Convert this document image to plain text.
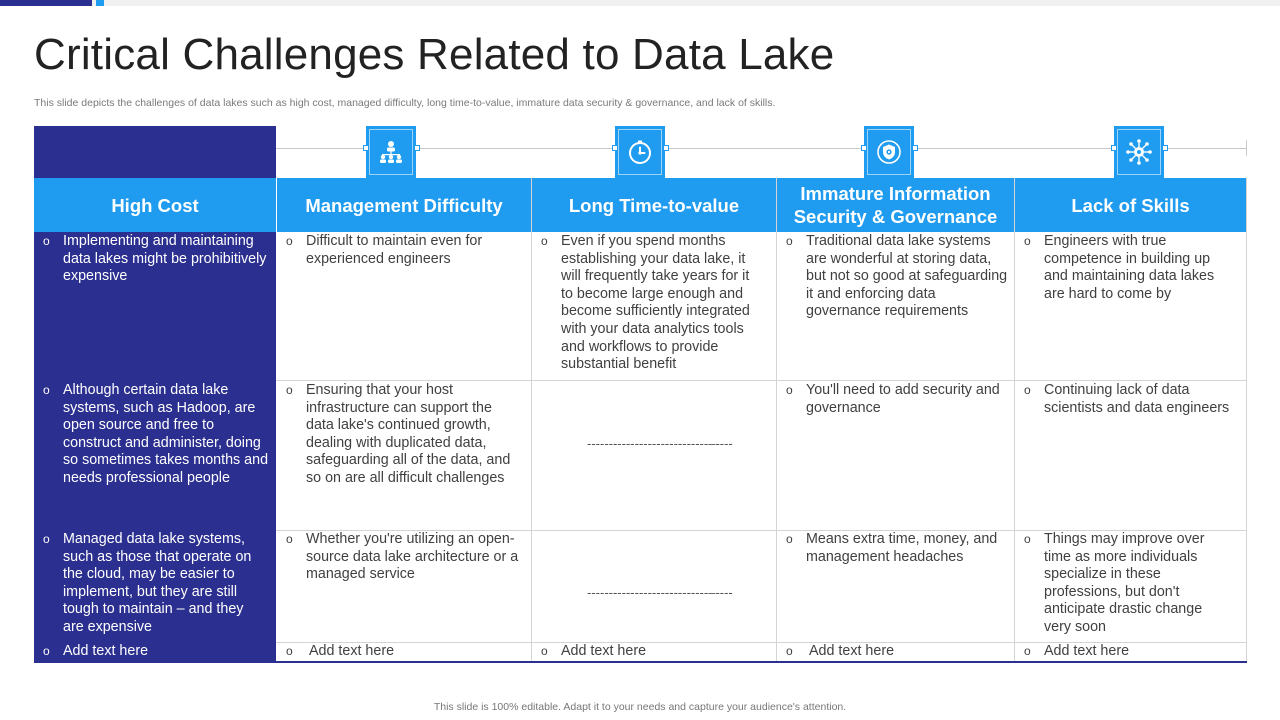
Critical Challenges Related to Data Lake

This slide depicts the challenges of data lakes such as high cost, managed difficulty, long time-to-value, immature data security & governance, and lack of skills.

High Cost	Management Difficulty	Long Time-to-value
Immature Information Security & Governance
Lack of Skills
o Implementing and maintaining data lakes might be prohibitively expensive
o Although certain data lake systems, such as Hadoop, are open source and free to construct and administer, doing so sometimes takes months and needs professional people
o Managed data lake systems, such as those that operate on the cloud, may be easier to implement, but they are still tough to maintain – and they are expensive
o Add text here
o Difficult to maintain even for experienced engineers
o Ensuring that your host infrastructure can support the data lake's continued growth, dealing with duplicated data, safeguarding all of the data, and so on are all difficult challenges
o Whether you're utilizing an open-source data lake architecture or a managed service
o Add text here
o Even if you spend months establishing your data lake, it will frequently take years for it to become large enough and become sufficiently integrated with your data analytics tools and workflows to provide substantial benefit
----------------------------–----
----------------------------–----
o Add text here
o Traditional data lake systems are wonderful at storing data, but not so good at safeguarding it and enforcing data governance requirements
o You'll need to add security and governance
o Means extra time, money, and management headaches
o Add text here
o Engineers with true competence in building up and maintaining data lakes are hard to come by
o Continuing lack of data scientists and data engineers
o Things may improve over time as more individuals specialize in these professions, but don't anticipate drastic change very soon
o Add text here
This slide is 100% editable. Adapt it to your needs and capture your audience's attention.
